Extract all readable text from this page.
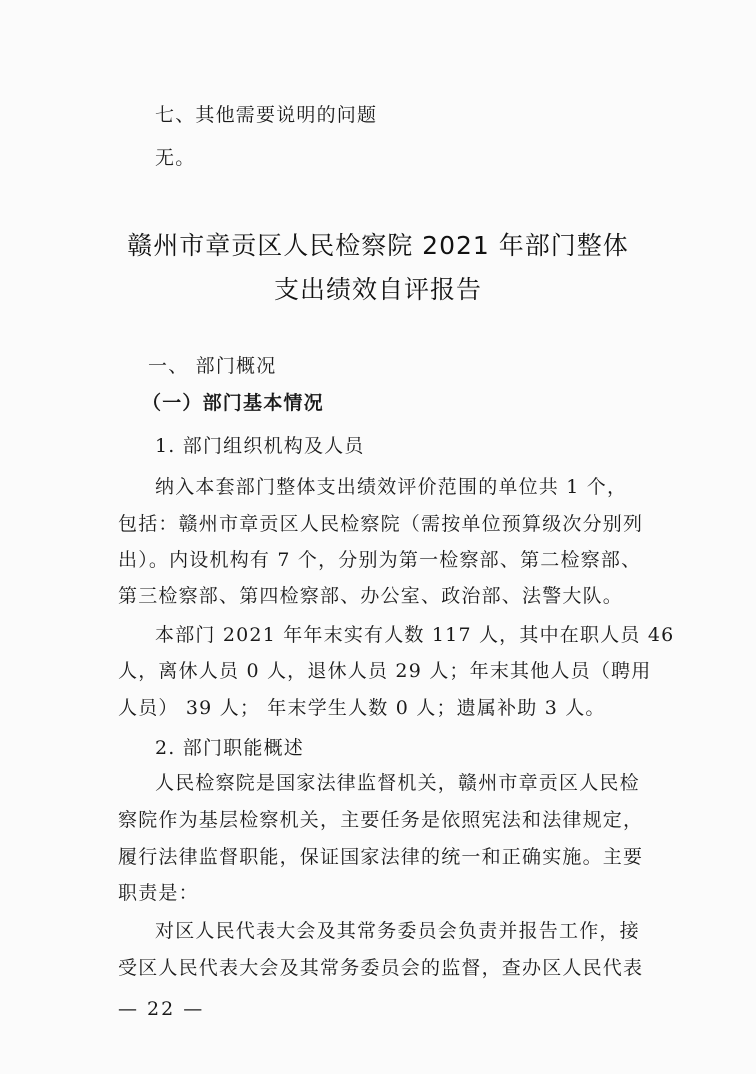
七、其他需要说明的问题
无。
赣州市章贡区人民检察院 2021 年部门整体
支出绩效自评报告
一、 部门概况
（一）部门基本情况
1. 部门组织机构及人员
纳入本套部门整体支出绩效评价范围的单位共 1 个，
包括：赣州市章贡区人民检察院（需按单位预算级次分别列
出）。内设机构有 7 个，分别为第一检察部、第二检察部、
第三检察部、第四检察部、办公室、政治部、法警大队。
本部门 2021 年年末实有人数 117 人，其中在职人员 46
人，离休人员 0 人，退休人员 29 人；年末其他人员（聘用
人员） 39 人； 年末学生人数 0 人；遗属补助 3 人。
2. 部门职能概述
人民检察院是国家法律监督机关，赣州市章贡区人民检
察院作为基层检察机关，主要任务是依照宪法和法律规定，
履行法律监督职能，保证国家法律的统一和正确实施。主要
职责是：
对区人民代表大会及其常务委员会负责并报告工作，接
受区人民代表大会及其常务委员会的监督，查办区人民代表
— 22 —
